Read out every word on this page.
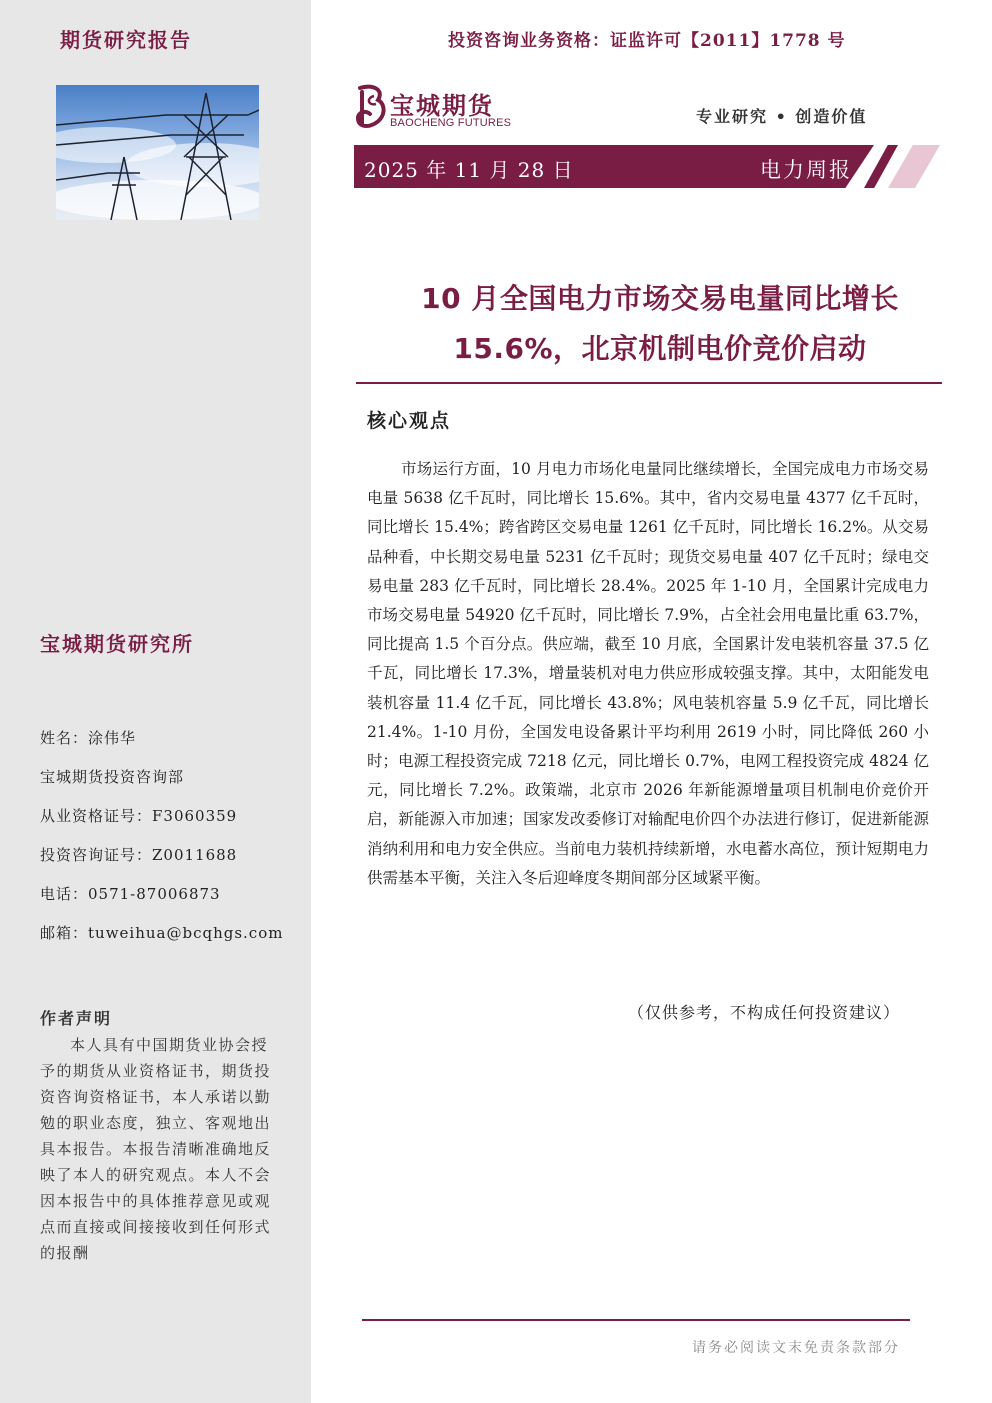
期货研究报告
宝城期货研究所
姓名：涂伟华
宝城期货投资咨询部
从业资格证号：F3060359
投资咨询证号：Z0011688
电话：0571-87006873
邮箱：tuweihua@bcqhgs.com
作者声明
本人具有中国期货业协会授予的期货从业资格证书，期货投资咨询资格证书，本人承诺以勤勉的职业态度，独立、客观地出具本报告。本报告清晰准确地反映了本人的研究观点。本人不会因本报告中的具体推荐意见或观点而直接或间接接收到任何形式的报酬
投资咨询业务资格：证监许可【2011】1778 号
宝城期货
BAOCHENG FUTURES	专业研究 • 创造价值
2025 年 11 月 28 日	电力周报
10 月全国电力市场交易电量同比增长
15.6%，北京机制电价竞价启动
核心观点
市场运行方面，10 月电力市场化电量同比继续增长，全国完成电力市场交易电量 5638 亿千瓦时，同比增长 15.6%。其中，省内交易电量 4377 亿千瓦时，同比增长 15.4%；跨省跨区交易电量 1261 亿千瓦时，同比增长 16.2%。从交易品种看，中长期交易电量 5231 亿千瓦时；现货交易电量 407 亿千瓦时；绿电交易电量 283 亿千瓦时，同比增长 28.4%。2025 年 1-10 月，全国累计完成电力市场交易电量 54920 亿千瓦时，同比增长 7.9%，占全社会用电量比重 63.7%，同比提高 1.5 个百分点。供应端，截至 10 月底，全国累计发电装机容量 37.5 亿千瓦，同比增长 17.3%，增量装机对电力供应形成较强支撑。其中，太阳能发电装机容量 11.4 亿千瓦，同比增长 43.8%；风电装机容量 5.9 亿千瓦，同比增长 21.4%。1-10 月份，全国发电设备累计平均利用 2619 小时，同比降低 260 小时；电源工程投资完成 7218 亿元，同比增长 0.7%，电网工程投资完成 4824 亿元，同比增长 7.2%。政策端，北京市 2026 年新能源增量项目机制电价竞价开启，新能源入市加速；国家发改委修订对输配电价四个办法进行修订，促进新能源消纳利用和电力安全供应。当前电力装机持续新增，水电蓄水高位，预计短期电力供需基本平衡，关注入冬后迎峰度冬期间部分区域紧平衡。
（仅供参考，不构成任何投资建议）
请务必阅读文末免责条款部分
